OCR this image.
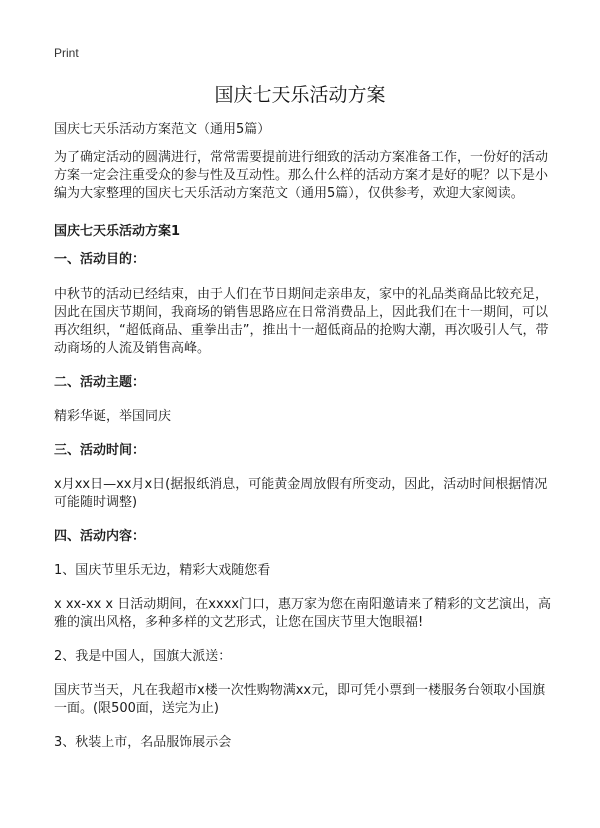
Print
国庆七天乐活动方案

国庆七天乐活动方案范文（通用5篇）

为了确定活动的圆满进行，常常需要提前进行细致的活动方案准备工作，一份好的活动方案一定会注重受众的参与性及互动性。那么什么样的活动方案才是好的呢？以下是小编为大家整理的国庆七天乐活动方案范文（通用5篇），仅供参考，欢迎大家阅读。

国庆七天乐活动方案1

一、活动目的：

中秋节的活动已经结束，由于人们在节日期间走亲串友，家中的礼品类商品比较充足，因此在国庆节期间，我商场的销售思路应在日常消费品上，因此我们在十一期间，可以再次组织，“超低商品、重拳出击”，推出十一超低商品的抢购大潮，再次吸引人气，带动商场的人流及销售高峰。

二、活动主题：

精彩华诞，举国同庆

三、活动时间：

x月xx日—xx月x日(据报纸消息，可能黄金周放假有所变动，因此，活动时间根据情况可能随时调整)

四、活动内容：

1、国庆节里乐无边，精彩大戏随您看

x xx-xx x 日活动期间，在xxxx门口，惠万家为您在南阳邀请来了精彩的文艺演出，高雅的演出风格，多种多样的文艺形式，让您在国庆节里大饱眼福!

2、我是中国人，国旗大派送：

国庆节当天，凡在我超市x楼一次性购物满xx元，即可凭小票到一楼服务台领取小国旗一面。(限500面，送完为止)

3、秋装上市，名品服饰展示会
